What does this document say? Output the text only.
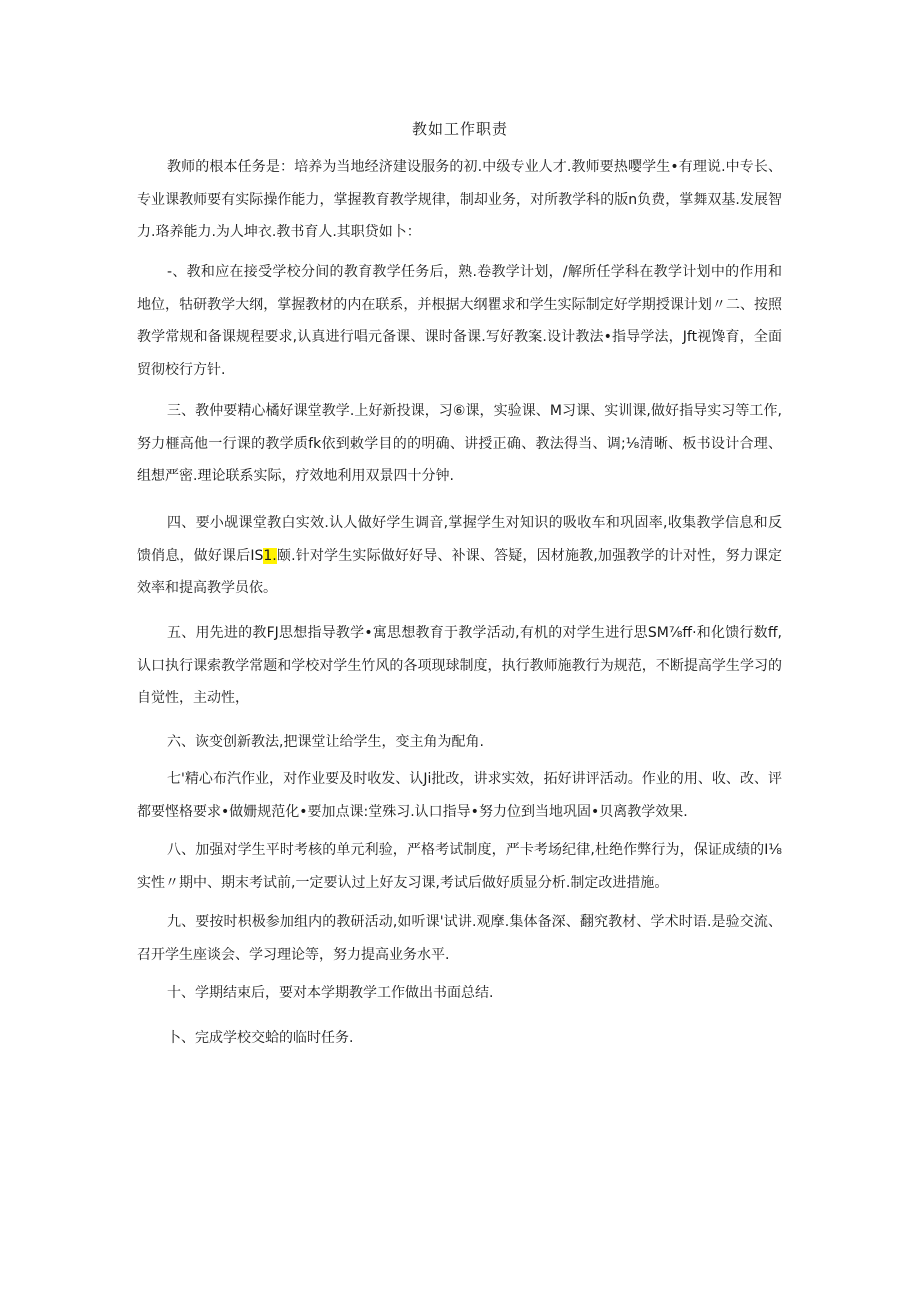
教如工作职责
教师的根本任务是：培养为当地经济建设服务的初.中级专业人才.教师要热嘤学生•有理说.中专长、专业课教师要有实际操作能力，掌握教育教学规律，制却业务，对所教学科的版n负费，掌舞双基.发展智力.珞养能力.为人坤衣.教书育人.其职贷如卜：
-、教和应在接受学校分间的教育教学任务后，熟.卷教学计划，/解所任学科在教学计划中的作用和地位，牯研教学大纲，掌握教材的内在联系，并根据大纲瞿求和学生实际制定好学期授课计划〃二、按照教学常规和备课规程要求,认真进行唱元备课、课时备课.写好教案.设计教法•指导学法，Jft视馋育，全面贸彻校行方针.
三、教仲要精心橘好课堂教学.上好新投课，习⑥课，实验课、M习课、实训课,做好指导实习等工作,努力榧高他一行课的教学质fk依到敕学目的的明确、讲授正确、教法得当、调;⅛清晰、板书设计合理、组想严密.理论联系实际，疗效地利用双景四十分钟.
四、要小觇课堂教白实效.认人做好学生调音,掌握学生对知识的吸收车和巩固率,收集教学信息和反馈俏息，做好课后IS1.颐.针对学生实际做好好导、补课、答疑，因材施教,加强教学的计对性，努力课定效率和提高教学员依。
五、用先进的教FJ思想指导教学•寓思想教育于教学活动,有机的对学生进行思SM⅞ff·和化馈行数ff,认口执行课索教学常题和学校对学生竹风的各项现球制度，执行教师施教行为规范，不断提高学生学习的自觉性，主动性，
六、诙变创新教法,把课堂让给学生，变主角为配角.
七'精心布汽作业，对作业要及时收发、认Ji批改，讲求实效，拓好讲评活动。作业的用、收、改、评都要悭格要求•做姗规范化•要加点课:堂殊习.认口指导•努力位到当地巩固•贝离教学效果.
八、加强对学生平时考核的单元利验，严格考试制度，严卡考场纪律,杜绝作弊行为，保证成绩的I⅛实性〃期中、期末考试前,一定要认过上好友习课,考试后做好质显分析.制定改进措施。
九、要按时枳极参加组内的教研活动,如听课'试讲.观摩.集体备深、翻究教材、学术时语.是验交流、召开学生座谈会、学习理论等，努力提高业务水平.
十、学期结束后，要对本学期教学工作做出书面总结.
卜、完成学校交蛤的临时任务.
